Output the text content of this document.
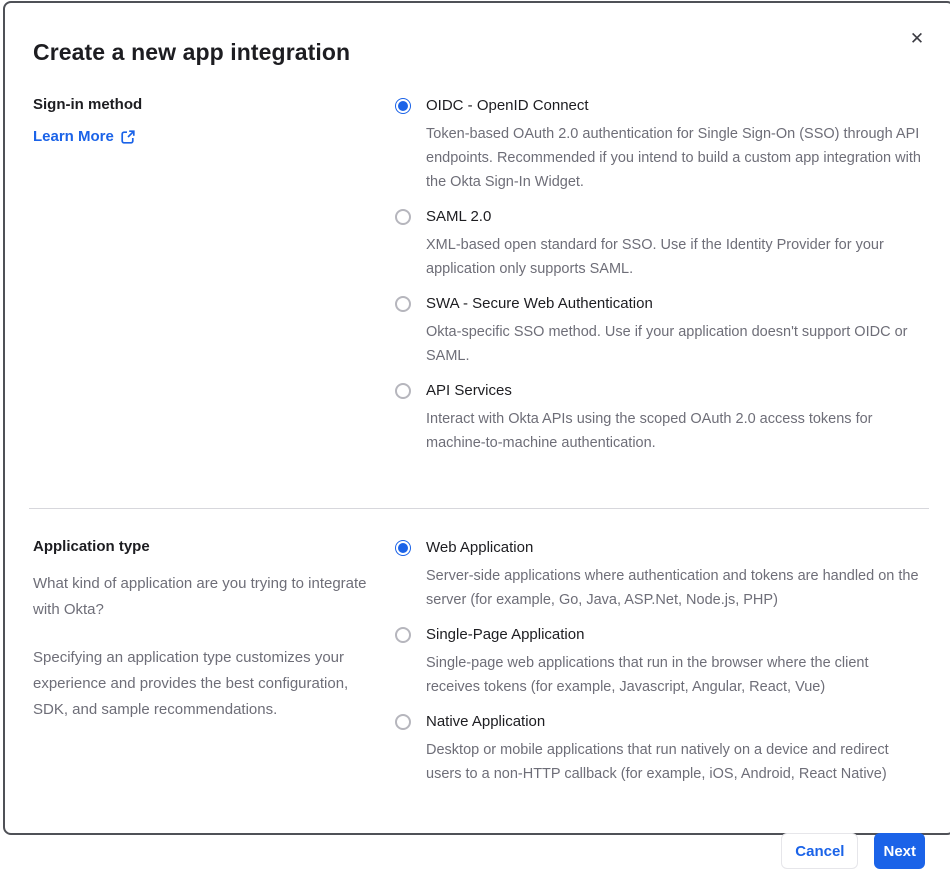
Create a new app integration	✕
Sign-in method
Learn More
OIDC - OpenID Connect
Token-based OAuth 2.0 authentication for Single Sign-On (SSO) through API endpoints. Recommended if you intend to build a custom app integration with the Okta Sign-In Widget.
SAML 2.0
XML-based open standard for SSO. Use if the Identity Provider for your application only supports SAML.
SWA - Secure Web Authentication
Okta-specific SSO method. Use if your application doesn't support OIDC or SAML.
API Services
Interact with Okta APIs using the scoped OAuth 2.0 access tokens for machine-to-machine authentication.
Application type

What kind of application are you trying to integrate with Okta?

Specifying an application type customizes your experience and provides the best configuration, SDK, and sample recommendations.

Web Application
Server-side applications where authentication and tokens are handled on the server (for example, Go, Java, ASP.Net, Node.js, PHP)
Single-Page Application
Single-page web applications that run in the browser where the client receives tokens (for example, Javascript, Angular, React, Vue)
Native Application
Desktop or mobile applications that run natively on a device and redirect users to a non-HTTP callback (for example, iOS, Android, React Native)
Cancel	Next
